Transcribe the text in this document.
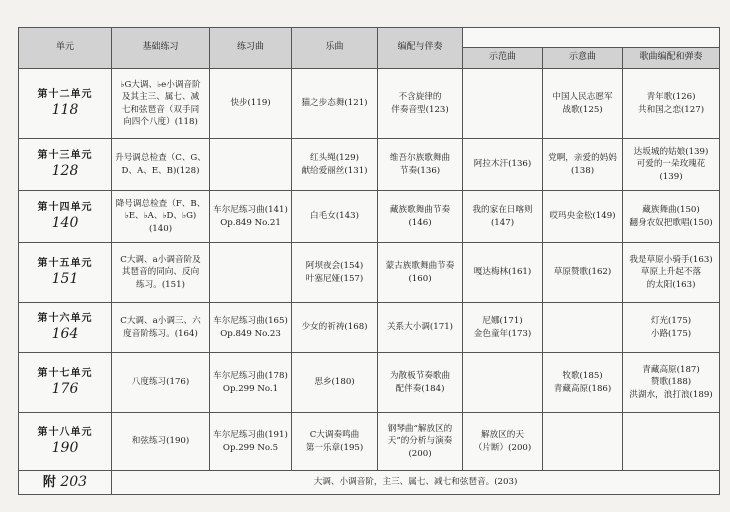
单元	基础练习	练习曲	乐曲	编配与伴奏			
					示范曲	示意曲	歌曲编配和弹奏

第十二单元
118	♭G大调、♭e小调音阶
及其主三、属七、减
七和弦琶音（双手同
向四个八度）(118)	快步(119)	猫之步态舞(121)	不含旋律的
伴奏音型(123)		中国人民志愿军
战歌(125)	青年歌(126)
共和国之恋(127)

第十三单元
128	升号调总检查（C、G、
D、A、E、B)(128)		红头绳(129)
献给爱丽丝(131)	维吾尔族歌舞曲
节奏(136)	阿拉木汗(136)	党啊，亲爱的妈妈
(138)	达坂城的姑娘(139)
可爱的一朵玫瑰花
(139)

第十四单元
140	降号调总检查（F、B、
♭E、♭A、♭D、♭G)(140)	车尔尼练习曲(141)
Op.849 No.21	白毛女(143)	藏族歌舞曲节奏
(146)	我的家在日喀则
(147)	哎玛央金松(149)	藏族舞曲(150)
翻身农奴把歌唱(150)

第十五单元
151	C大调、a小调音阶及
其琶音的同向、反向
练习。(151)		阿坝夜会(154)
叶塞尼娅(157)	蒙古族歌舞曲节奏
(160)	嘎达梅林(161)	草原赞歌(162)	我是草原小骑手(163)
草原上升起不落
的太阳(163)

第十六单元
164	C大调、a小调三、六
度音阶练习。(164)	车尔尼练习曲(165)
Op.849 No.23	少女的祈祷(168)	关系大小调(171)	尼娜(171)
金色童年(173)		灯光(175)
小路(175)

第十七单元
176	八度练习(176)	车尔尼练习曲(178)
Op.299 No.1	思乡(180)	为散板节奏歌曲
配伴奏(184)		牧歌(185)
青藏高原(186)	青藏高原(187)
赞歌(188)
洪湖水，浪打浪(189)

第十八单元
190	和弦练习(190)	车尔尼练习曲(191)
Op.299 No.5	C大调奏鸣曲
第一乐章(195)	钢琴曲“解放区的
天”的分析与演奏
(200)	解放区的天
（片断）(200)		

附 203	大调、小调音阶，主三、属七、减七和弦琶音。(203)						
